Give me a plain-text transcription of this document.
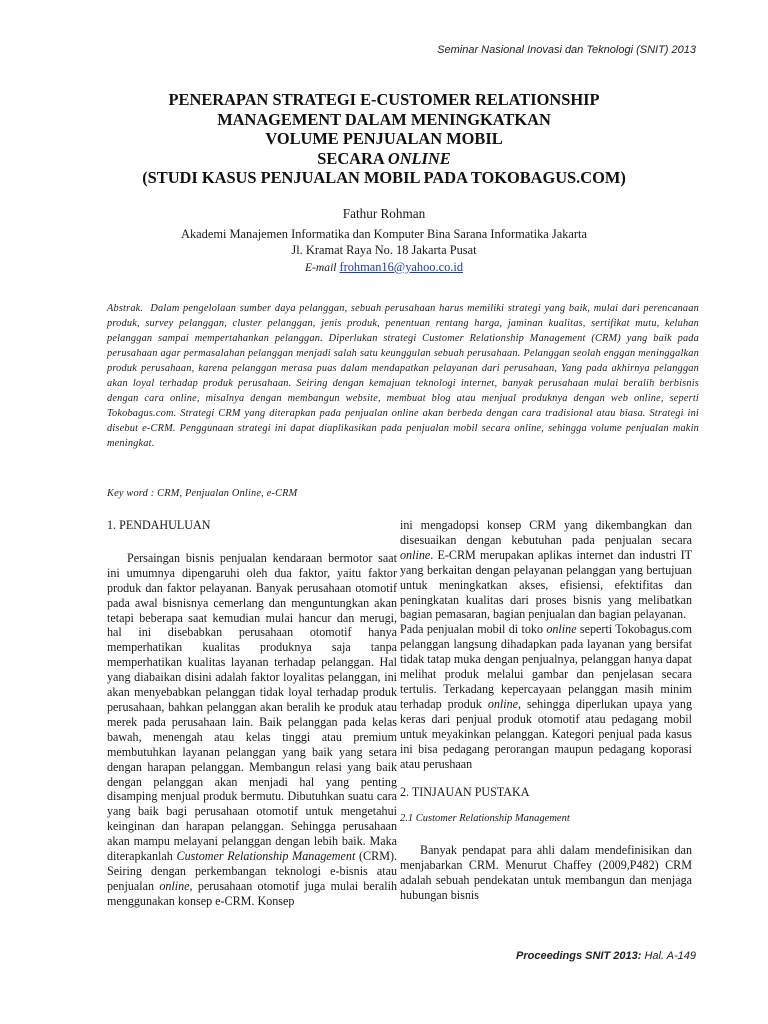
Seminar Nasional Inovasi dan Teknologi (SNIT) 2013
PENERAPAN STRATEGI E-CUSTOMER RELATIONSHIP
MANAGEMENT DALAM MENINGKATKAN
VOLUME PENJUALAN MOBIL
SECARA ONLINE
(STUDI KASUS PENJUALAN MOBIL PADA TOKOBAGUS.COM)
Fathur Rohman
Akademi Manajemen Informatika dan Komputer Bina Sarana Informatika Jakarta
Jl. Kramat Raya No. 18 Jakarta Pusat
E-mail frohman16@yahoo.co.id
Abstrak. Dalam pengelolaan sumber daya pelanggan, sebuah perusahaan harus memiliki strategi yang baik, mulai dari perencanaan produk, survey pelanggan, cluster pelanggan, jenis produk, penentuan rentang harga, jaminan kualitas, sertifikat mutu, keluhan pelanggan sampai mempertahankan pelanggan. Diperlukan strategi Customer Relationship Management (CRM) yang baik pada perusahaan agar permasalahan pelanggan menjadi salah satu keunggulan sebuah perusahaan. Pelanggan seolah enggan meninggalkan produk perusahaan, karena pelanggan merasa puas dalam mendapatkan pelayanan dari perusahaan, Yang pada akhirnya pelanggan akan loyal terhadap produk perusahaan. Seiring dengan kemajuan teknologi internet, banyak perusahaan mulai beralih berbisnis dengan cara online, misalnya dengan membangun website, membuat blog atau menjual produknya dengan web online, seperti Tokobagus.com. Strategi CRM yang diterapkan pada penjualan online akan berbeda dengan cara tradisional atau biasa. Strategi ini disebut e-CRM. Penggunaan strategi ini dapat diaplikasikan pada penjualan mobil secara online, sehingga volume penjualan makin meningkat.
Key word : CRM, Penjualan Online, e-CRM

1. PENDAHULUAN

Persaingan bisnis penjualan kendaraan bermotor saat ini umumnya dipengaruhi oleh dua faktor, yaitu faktor produk dan faktor pelayanan. Banyak perusahaan otomotif pada awal bisnisnya cemerlang dan menguntungkan akan tetapi beberapa saat kemudian mulai hancur dan merugi, hal ini disebabkan perusahaan otomotif hanya memperhatikan kualitas produknya saja tanpa memperhatikan kualitas layanan terhadap pelanggan. Hal yang diabaikan disini adalah faktor loyalitas pelanggan, ini akan menyebabkan pelanggan tidak loyal terhadap produk perusahaan, bahkan pelanggan akan beralih ke produk atau merek pada perusahaan lain. Baik pelanggan pada kelas bawah, menengah atau kelas tinggi atau premium membutuhkan layanan pelanggan yang baik yang setara dengan harapan pelanggan. Membangun relasi yang baik dengan pelanggan akan menjadi hal yang penting disamping menjual produk bermutu. Dibutuhkan suatu cara yang baik bagi perusahaan otomotif untuk mengetahui keinginan dan harapan pelanggan. Sehingga perusahaan akan mampu melayani pelanggan dengan lebih baik. Maka diterapkanlah Customer Relationship Management (CRM). Seiring dengan perkembangan teknologi e-bisnis atau penjualan online, perusahaan otomotif juga mulai beralih menggunakan konsep e-CRM. Konsep

ini mengadopsi konsep CRM yang dikembangkan dan disesuaikan dengan kebutuhan pada penjualan secara online. E-CRM merupakan aplikas internet dan industri IT yang berkaitan dengan pelayanan pelanggan yang bertujuan untuk meningkatkan akses, efisiensi, efektifitas dan peningkatan kualitas dari proses bisnis yang melibatkan bagian pemasaran, bagian penjualan dan bagian pelayanan.

Pada penjualan mobil di toko online seperti Tokobagus.com pelanggan langsung dihadapkan pada layanan yang bersifat tidak tatap muka dengan penjualnya, pelanggan hanya dapat melihat produk melalui gambar dan penjelasan secara tertulis. Terkadang kepercayaan pelanggan masih minim terhadap produk online, sehingga diperlukan upaya yang keras dari penjual produk otomotif atau pedagang mobil untuk meyakinkan pelanggan. Kategori penjual pada kasus ini bisa pedagang perorangan maupun pedagang koporasi atau perushaan

2. TINJAUAN PUSTAKA

2.1 Customer Relationship Management

Banyak pendapat para ahli dalam mendefinisikan dan menjabarkan CRM. Menurut Chaffey (2009,P482) CRM adalah sebuah pendekatan untuk membangun dan menjaga hubungan bisnis

Proceedings SNIT 2013: Hal. A-149
